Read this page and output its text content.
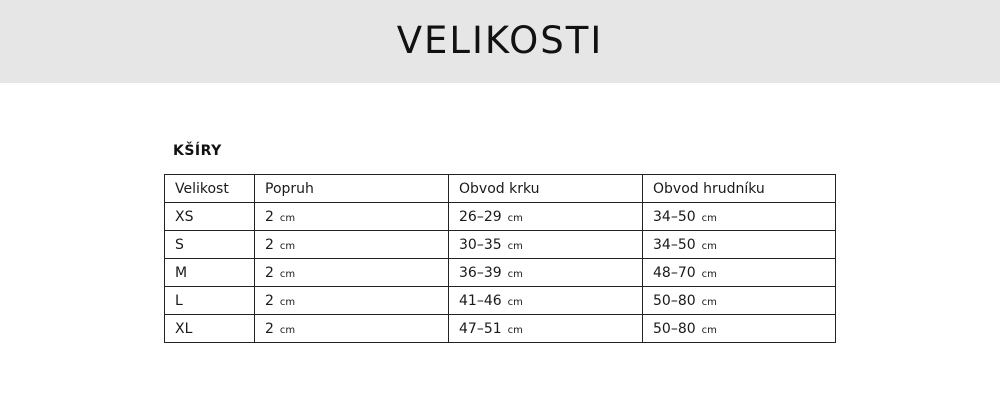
VELIKOSTI
KŠÍRY
Velikost	Popruh	Obvod krku	Obvod hrudníku
XS	2 cm	26–29 cm	34–50 cm
S	2 cm	30–35 cm	34–50 cm
M	2 cm	36–39 cm	48–70 cm
L	2 cm	41–46 cm	50–80 cm
XL	2 cm	47–51 cm	50–80 cm
